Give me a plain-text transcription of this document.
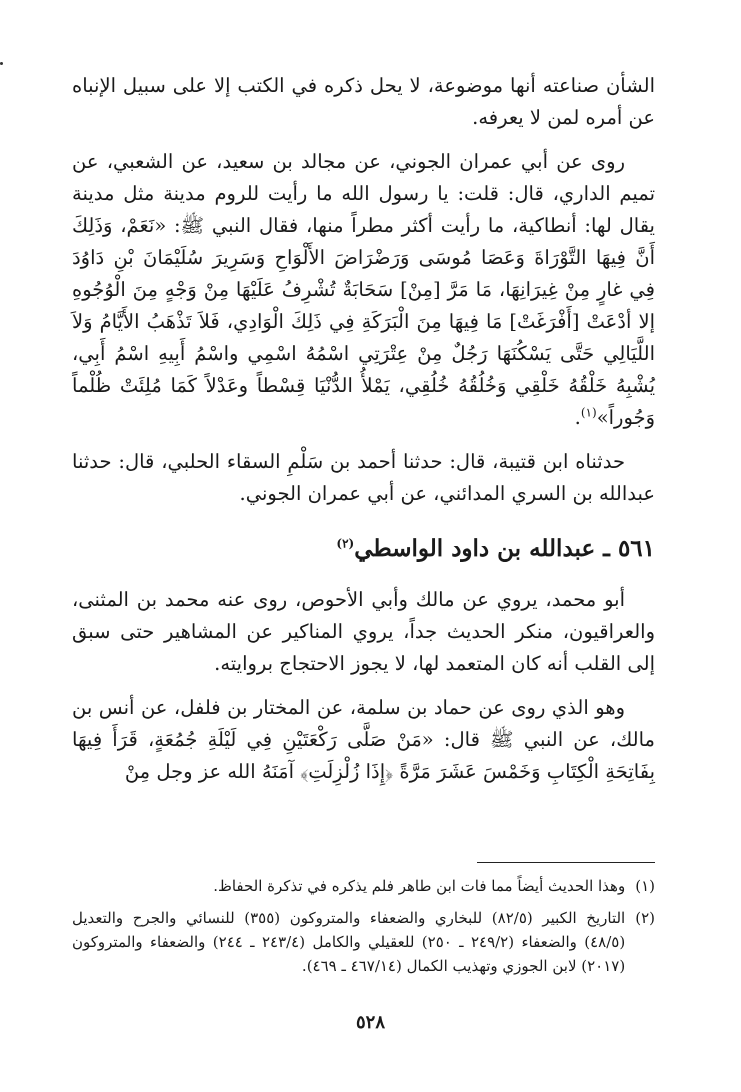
الشأن صناعته أنها موضوعة، لا يحل ذكره في الكتب إلا على سبيل الإنباه عن أمره لمن لا يعرفه.

روى عن أبي عمران الجوني، عن مجالد بن سعيد، عن الشعبي، عن تميم الداري، قال: قلت: يا رسول الله ما رأيت للروم مدينة مثل مدينة يقال لها: أنطاكية، ما رأيت أكثر مطراً منها، فقال النبي ﷺ: «نَعَمْ، وَذَلِكَ أَنَّ فِيهَا التَّوْرَاةَ وَعَصَا مُوسَى وَرَضْرَاضَ الأَلْوَاحِ وَسَرِيرَ سُلَيْمَانَ بْنِ دَاوُدَ فِي غارٍ مِنْ غِيرَانِهَا، مَا مَرَّ [مِنْ] سَحَابَةٌ تُشْرِفُ عَلَيْهَا مِنْ وَجْهٍ مِنَ الْوُجُوهِ إلا أدْعَتْ [أَفْرَغَتْ] مَا فِيهَا مِنَ الْبَرَكَةِ فِي ذَلِكَ الْوَادِي، فَلاَ تَذْهَبُ الأَيَّامُ وَلاَ اللَّيَالِي حَتَّى يَسْكُنَهَا رَجُلٌ مِنْ عِتْرَتِي اسْمُهُ اسْمِي واسْمُ أَبِيهِ اسْمُ أَبِي، يُشْبِهُ خَلْقُهُ خَلْقِي وَخُلُقُهُ خُلُقِي، يَمْلأُ الدُّنْيَا قِسْطاً وعَدْلاً كَمَا مُلِئَتْ ظُلْماً وَجُوراً»$^{(١)}$.

حدثناه ابن قتيبة، قال: حدثنا أحمد بن سَلْمِ السقاء الحلبي، قال: حدثنا عبدالله بن السري المدائني، عن أبي عمران الجوني.

٥٦١ ـ عبدالله بن داود الواسطي$^{(٢)}$

أبو محمد، يروي عن مالك وأبي الأحوص، روى عنه محمد بن المثنى، والعراقيون، منكر الحديث جداً، يروي المناكير عن المشاهير حتى سبق إلى القلب أنه كان المتعمد لها، لا يجوز الاحتجاج بروايته.

وهو الذي روى عن حماد بن سلمة، عن المختار بن فلفل، عن أنس بن مالك، عن النبي ﷺ قال: «مَنْ صَلَّى رَكْعَتَيْنِ فِي لَيْلَةِ جُمُعَةٍ، قَرَأَ فِيهَا بِفَاتِحَةِ الْكِتَابِ وَخَمْسَ عَشَرَ مَرَّةً ﴿إِذَا زُلْزِلَتِ﴾ آمَنَهُ الله عز وجل مِنْ

(١)
وهذا الحديث أيضاً مما فات ابن طاهر فلم يذكره في تذكرة الحفاظ.
(٢)
التاريخ الكبير (٨٢/٥) للبخاري والضعفاء والمتروكون (٣٥٥) للنسائي والجرح والتعديل (٤٨/٥) والضعفاء (٢٤٩/٢ ـ ٢٥٠) للعقيلي والكامل (٢٤٣/٤ ـ ٢٤٤) والضعفاء والمتروكون (٢٠١٧) لابن الجوزي وتهذيب الكمال (٤٦٧/١٤ ـ ٤٦٩).
٥٢٨
